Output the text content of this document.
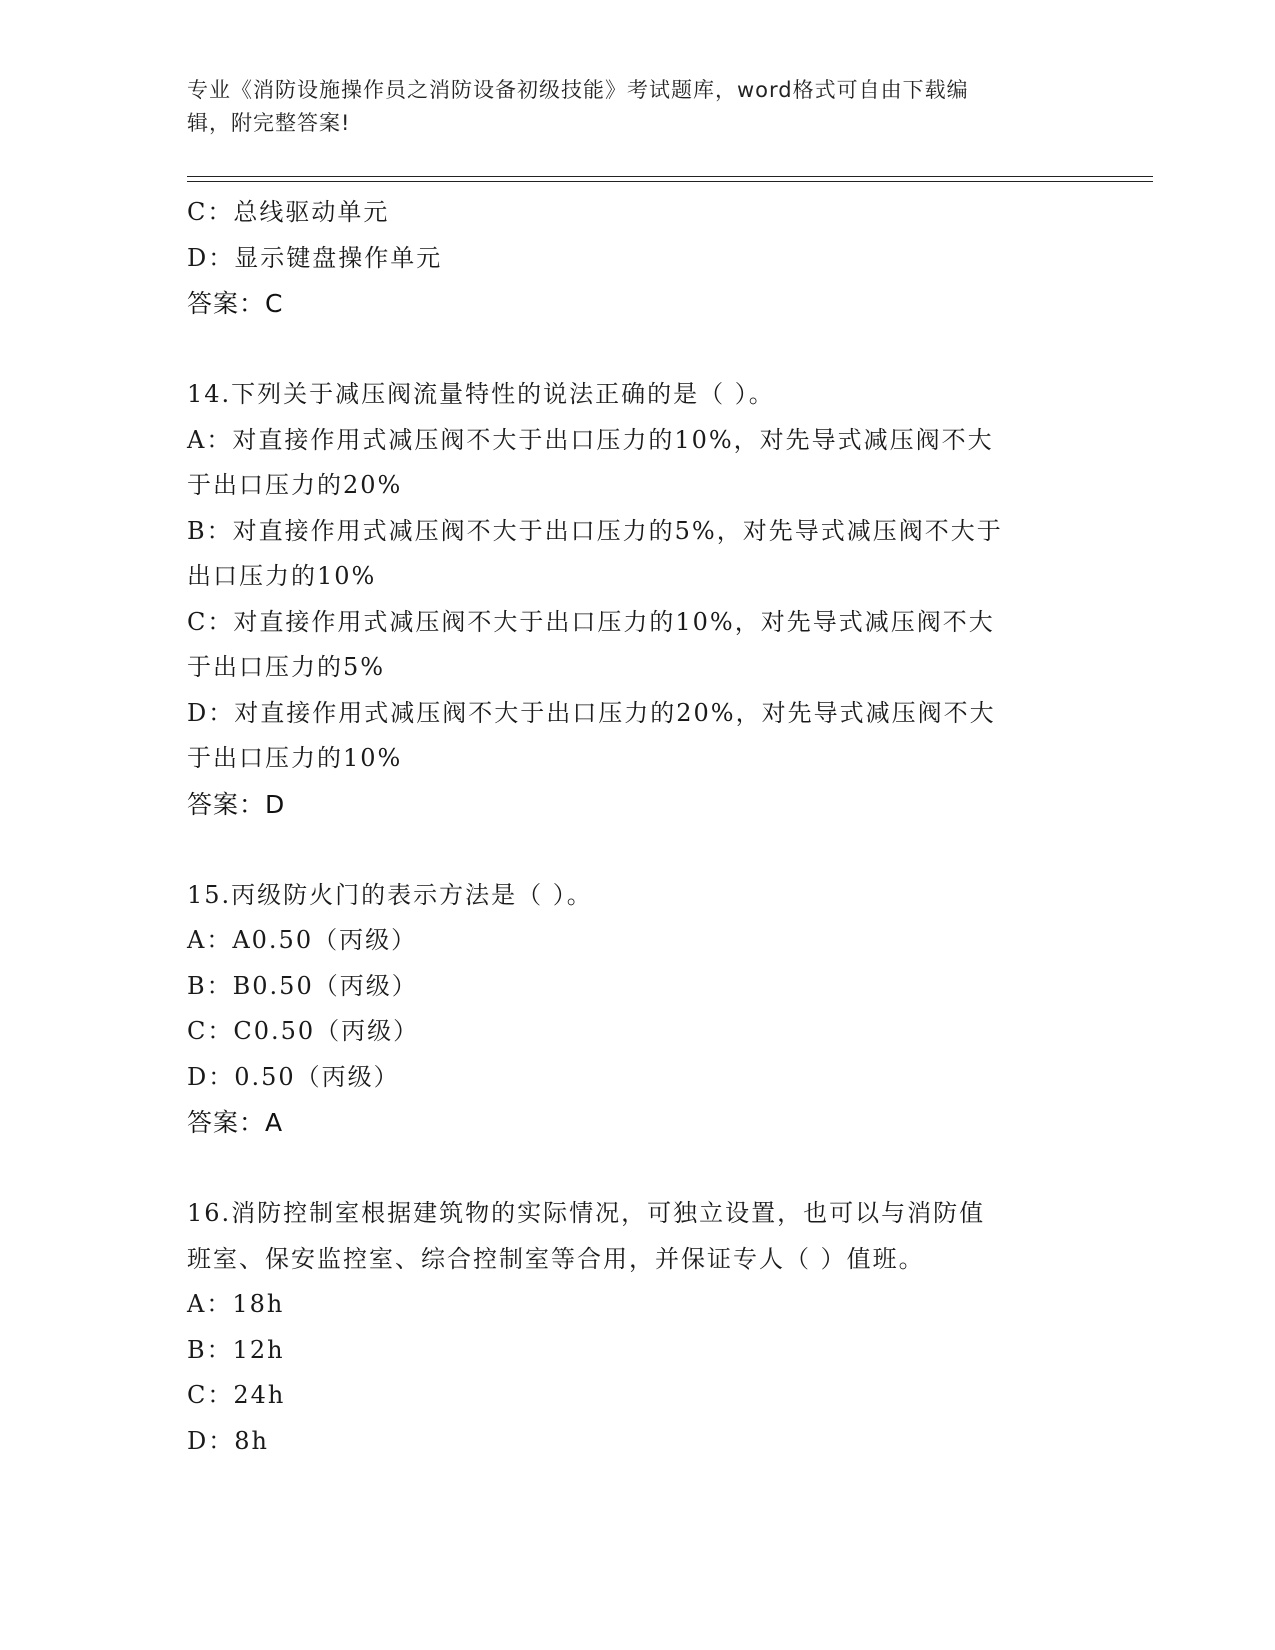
专业《消防设施操作员之消防设备初级技能》考试题库，word格式可自由下载编
辑，附完整答案!
C：总线驱动单元
D：显示键盘操作单元
答案：C
14.下列关于减压阀流量特性的说法正确的是（ ）。
A：对直接作用式减压阀不大于出口压力的10%，对先导式减压阀不大
于出口压力的20%
B：对直接作用式减压阀不大于出口压力的5%，对先导式减压阀不大于
出口压力的10%
C：对直接作用式减压阀不大于出口压力的10%，对先导式减压阀不大
于出口压力的5%
D：对直接作用式减压阀不大于出口压力的20%，对先导式减压阀不大
于出口压力的10%
答案：D
15.丙级防火门的表示方法是（ ）。
A：A0.50（丙级）
B：B0.50（丙级）
C：C0.50（丙级）
D：0.50（丙级）
答案：A
16.消防控制室根据建筑物的实际情况，可独立设置，也可以与消防值
班室、保安监控室、综合控制室等合用，并保证专人（ ）值班。
A：18h
B：12h
C：24h
D：8h
